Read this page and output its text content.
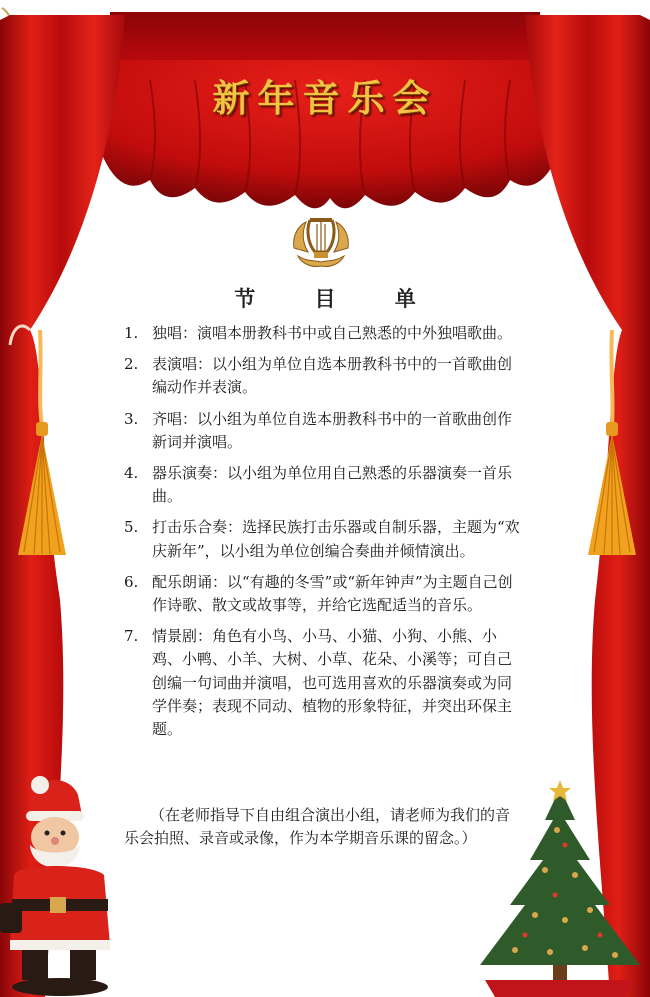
新年音乐会
节 目 单
1. 独唱：演唱本册教科书中或自己熟悉的中外独唱歌曲。
2. 表演唱：以小组为单位自选本册教科书中的一首歌曲创编动作并表演。
3. 齐唱：以小组为单位自选本册教科书中的一首歌曲创作新词并演唱。
4. 器乐演奏：以小组为单位用自己熟悉的乐器演奏一首乐曲。
5. 打击乐合奏：选择民族打击乐器或自制乐器，主题为“欢庆新年”，以小组为单位创编合奏曲并倾情演出。
6. 配乐朗诵：以“有趣的冬雪”或“新年钟声”为主题自己创作诗歌、散文或故事等，并给它选配适当的音乐。
7. 情景剧：角色有小鸟、小马、小猫、小狗、小熊、小鸡、小鸭、小羊、大树、小草、花朵、小溪等；可自己创编一句词曲并演唱，也可选用喜欢的乐器演奏或为同学伴奏；表现不同动、植物的形象特征，并突出环保主题。
（在老师指导下自由组合演出小组，请老师为我们的音乐会拍照、录音或录像，作为本学期音乐课的留念。）
